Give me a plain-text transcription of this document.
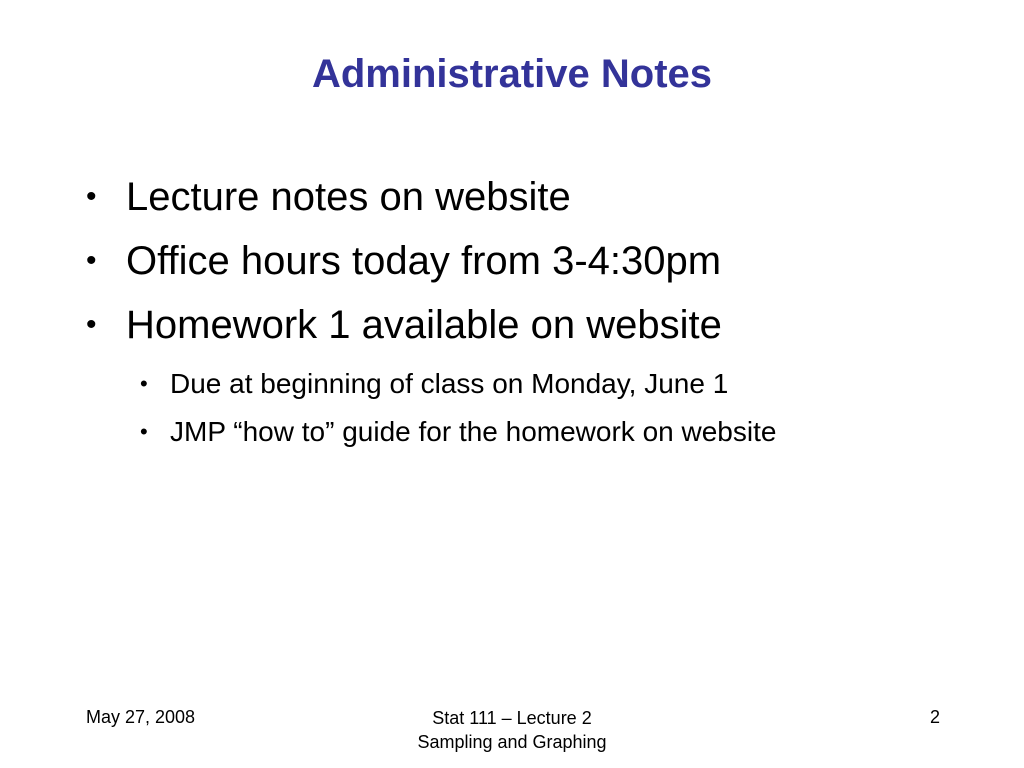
Administrative Notes
• Lecture notes on website
• Office hours today from 3-4:30pm
• Homework 1 available on website
• Due at beginning of class on Monday, June 1
• JMP “how to” guide for the homework on website
May 27, 2008	Stat 111 – Lecture 2
Sampling and Graphing
2
